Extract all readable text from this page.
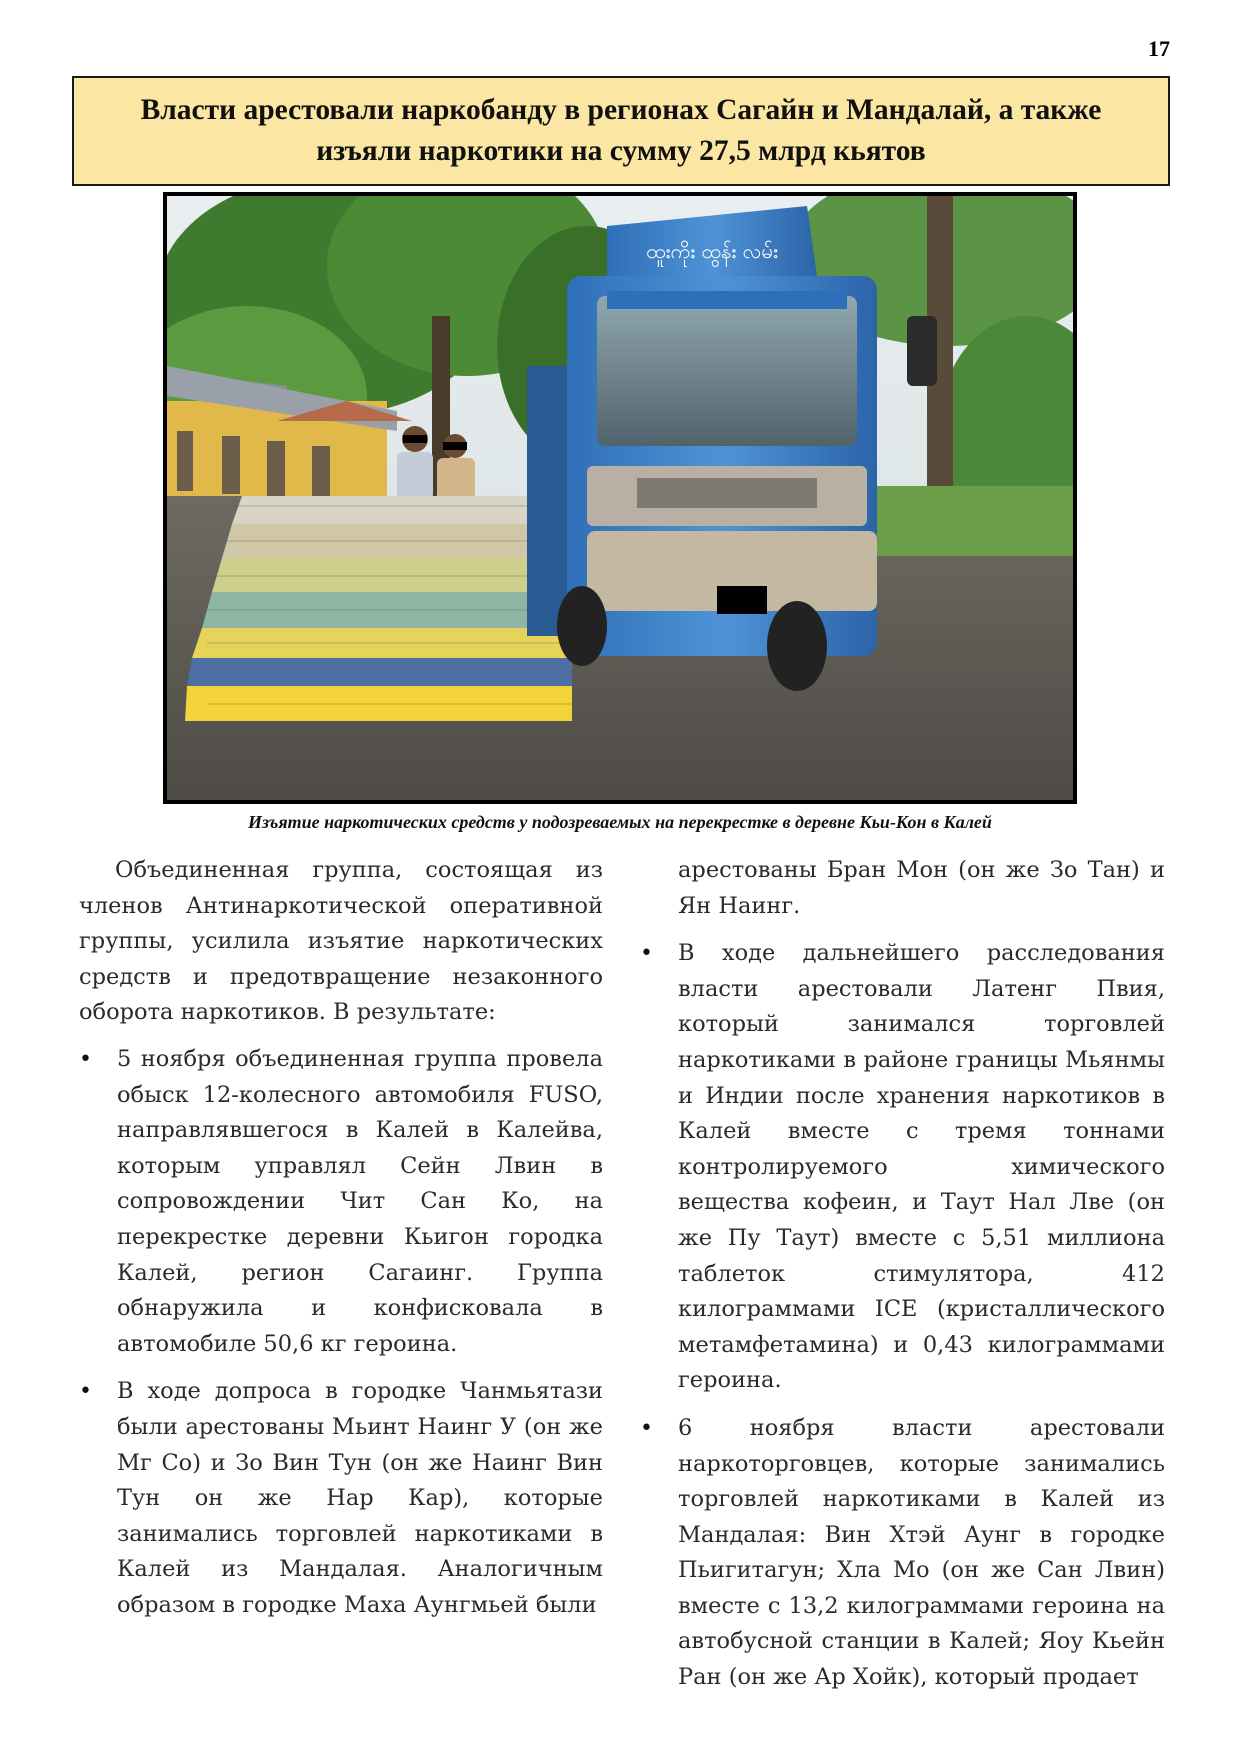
17
Власти арестовали наркобанду в регионах Сагайн и Мандалай, а также изъяли наркотики на сумму 27,5 млрд кьятов
ထူးကိုး ထွန်း လမ်း
Изъятие наркотических средств у подозреваемых на перекрестке в деревне Кьи-Кон в Калей

Объединенная группа, состоящая из членов Антинаркотической оперативной группы, усилила изъятие наркотических средств и предотвращение незаконного оборота наркотиков. В результате:

• 5 ноября объединенная группа провела обыск 12-колесного автомобиля FUSO, направлявшегося в Калей в Калейва, которым управлял Сейн Лвин в сопровождении Чит Сан Ко, на перекрестке деревни Кьигон городка Калей, регион Сагаинг. Группа обнаружила и конфисковала в автомобиле 50,6 кг героина.
• В ходе допроса в городке Чанмьятази были арестованы Мьинт Наинг У (он же Мг Со) и Зо Вин Тун (он же Наинг Вин Тун он же Нар Кар), которые занимались торговлей наркотиками в Калей из Мандалая. Аналогичным образом в городке Маха Аунгмьей были

арестованы Бран Мон (он же Зо Тан) и Ян Наинг.

• В ходе дальнейшего расследования власти арестовали Латенг Пвия, который занимался торговлей наркотиками в районе границы Мьянмы и Индии после хранения наркотиков в Калей вместе с тремя тоннами контролируемого химического вещества кофеин, и Таут Нал Лве (он же Пу Таут) вместе с 5,51 миллиона таблеток стимулятора, 412 килограммами ICE (кристаллического метамфетамина) и 0,43 килограммами героина.
• 6 ноября власти арестовали наркоторговцев, которые занимались торговлей наркотиками в Калей из Мандалая: Вин Хтэй Аунг в городке Пьигитагун; Хла Мо (он же Сан Лвин) вместе с 13,2 килограммами героина на автобусной станции в Калей; Яоу Кьейн Ран (он же Ар Хойк), который продает
